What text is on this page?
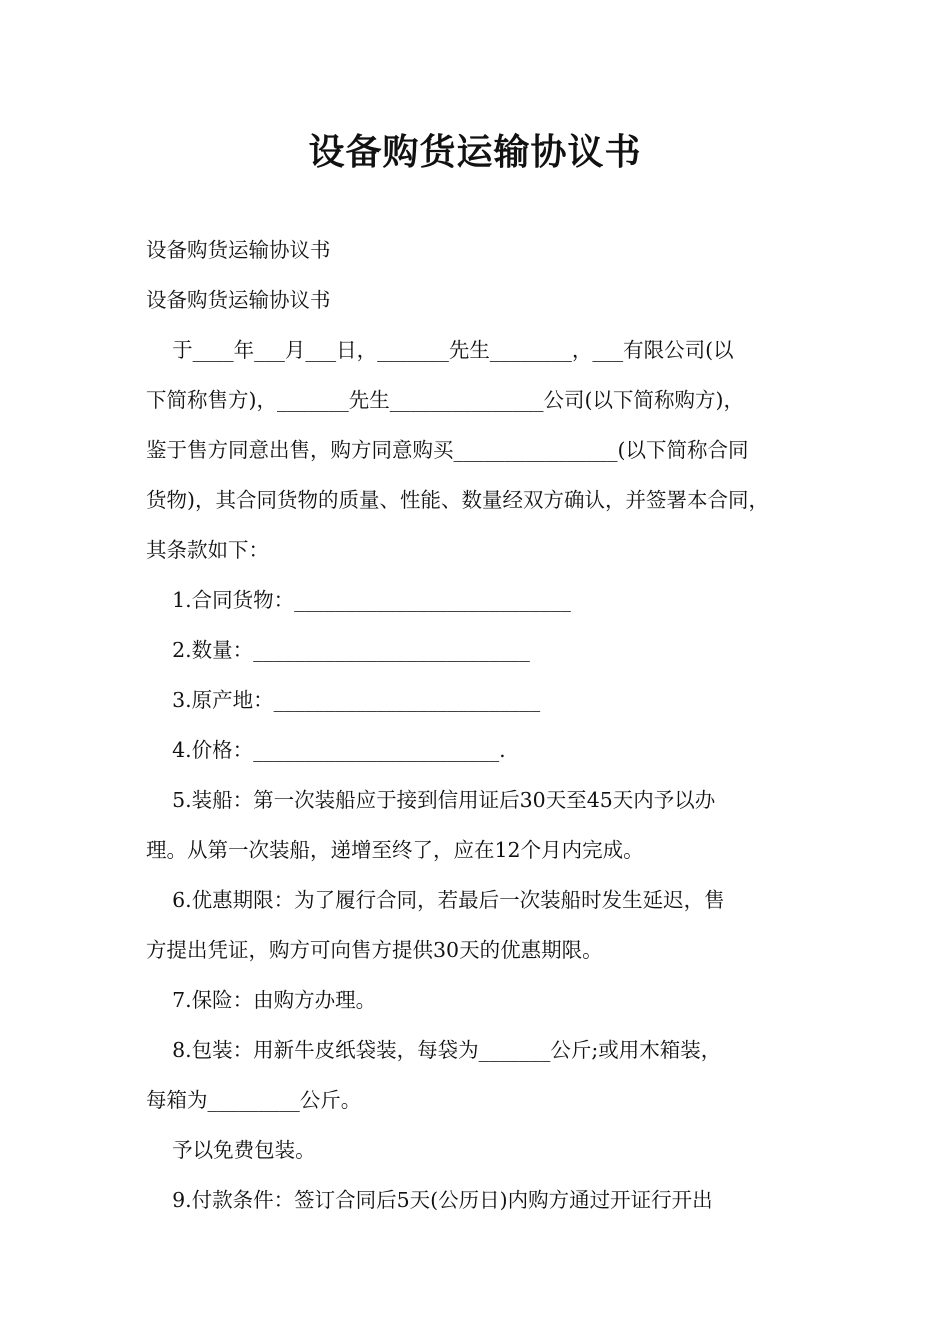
设备购货运输协议书
设备购货运输协议书
设备购货运输协议书
于____年___月___日，_______先生________，___有限公司(以
下简称售方)，_______先生_______________公司(以下简称购方)，
鉴于售方同意出售，购方同意购买________________(以下简称合同
货物)，其合同货物的质量、性能、数量经双方确认，并签署本合同，
其条款如下：
1.合同货物：___________________________
2.数量：___________________________
3.原产地：__________________________
4.价格：________________________.
5.装船：第一次装船应于接到信用证后30天至45天内予以办
理。从第一次装船，递增至终了，应在12个月内完成。
6.优惠期限：为了履行合同，若最后一次装船时发生延迟，售
方提出凭证，购方可向售方提供30天的优惠期限。
7.保险：由购方办理。
8.包装：用新牛皮纸袋装，每袋为_______公斤;或用木箱装，
每箱为_________公斤。
予以免费包装。
9.付款条件：签订合同后5天(公历日)内购方通过开证行开出
